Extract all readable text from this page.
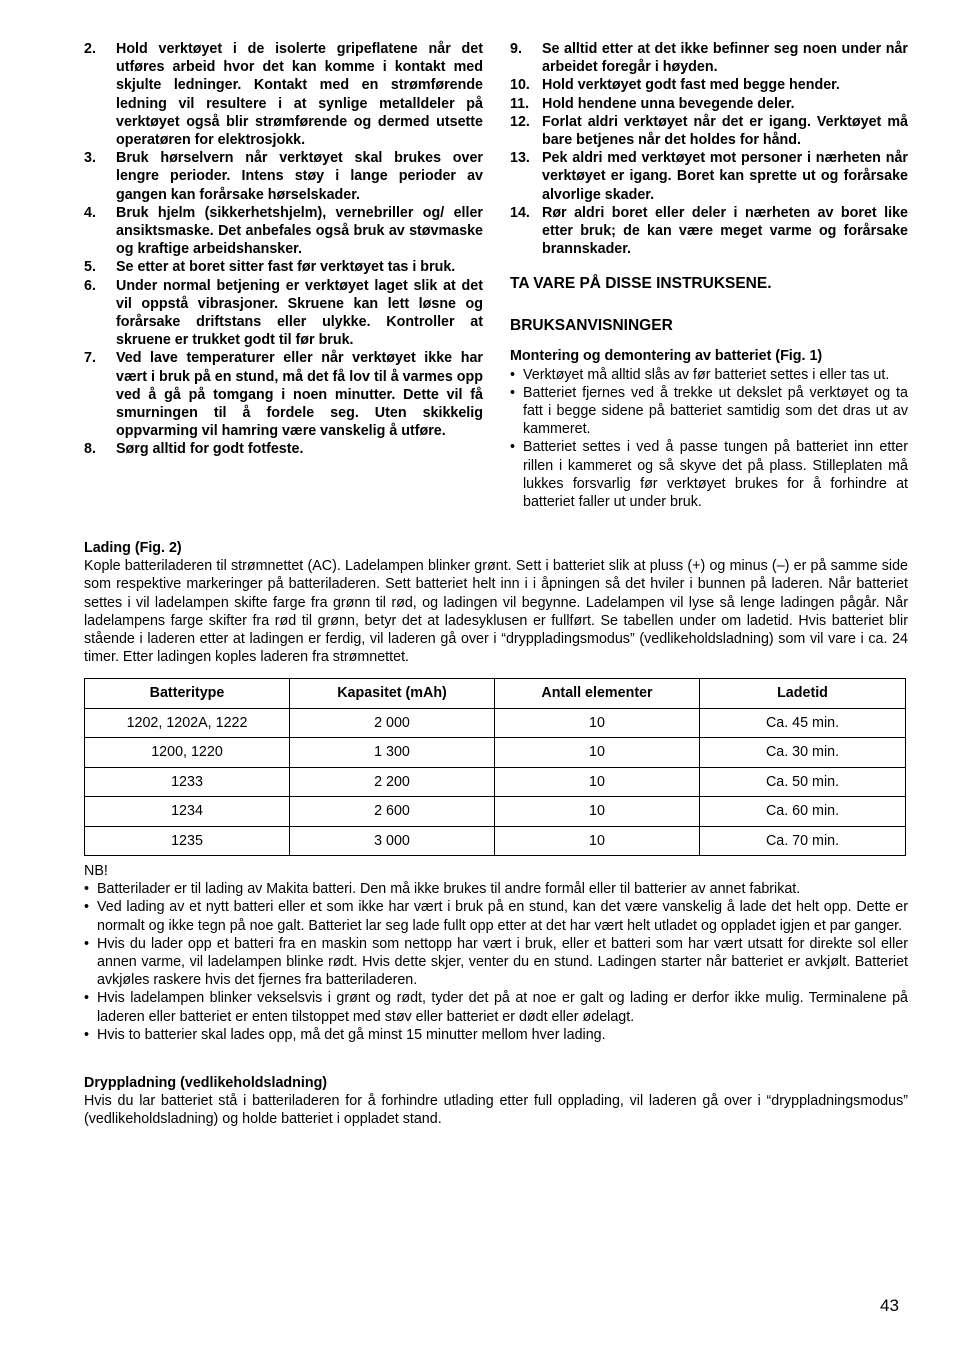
2.	Hold verktøyet i de isolerte gripeflatene når det utføres arbeid hvor det kan komme i kontakt med skjulte ledninger. Kontakt med en strømførende ledning vil resultere i at synlige metalldeler på verktøyet også blir strømførende og dermed utsette operatøren for elektrosjokk.
3.	Bruk hørselvern når verktøyet skal brukes over lengre perioder. Intens støy i lange perioder av gangen kan forårsake hørselskader.
4.	Bruk hjelm (sikkerhetshjelm), vernebriller og/ eller ansiktsmaske. Det anbefales også bruk av støvmaske og kraftige arbeidshansker.
5.	Se etter at boret sitter fast før verktøyet tas i bruk.
6.	Under normal betjening er verktøyet laget slik at det vil oppstå vibrasjoner. Skruene kan lett løsne og forårsake driftstans eller ulykke. Kontroller at skruene er trukket godt til før bruk.
7.	Ved lave temperaturer eller når verktøyet ikke har vært i bruk på en stund, må det få lov til å varmes opp ved å gå på tomgang i noen minutter. Dette vil få smurningen til å fordele seg. Uten skikkelig oppvarming vil hamring være vanskelig å utføre.
8.	Sørg alltid for godt fotfeste.
9.	Se alltid etter at det ikke befinner seg noen under når arbeidet foregår i høyden.
10. Hold verktøyet godt fast med begge hender.
11. Hold hendene unna bevegende deler.
12. Forlat aldri verktøyet når det er igang. Verktøyet må bare betjenes når det holdes for hånd.
13. Pek aldri med verktøyet mot personer i nærheten når verktøyet er igang. Boret kan sprette ut og forårsake alvorlige skader.
14. Rør aldri boret eller deler i nærheten av boret like etter bruk; de kan være meget varme og forårsake brannskader.
TA VARE PÅ DISSE INSTRUKSENE.
BRUKSANVISNINGER
Montering og demontering av batteriet (Fig. 1)
• Verktøyet må alltid slås av før batteriet settes i eller tas ut.
• Batteriet fjernes ved å trekke ut dekslet på verktøyet og ta fatt i begge sidene på batteriet samtidig som det dras ut av kammeret.
• Batteriet settes i ved å passe tungen på batteriet inn etter rillen i kammeret og så skyve det på plass. Stilleplaten må lukkes forsvarlig før verktøyet brukes for å forhindre at batteriet faller ut under bruk.
Lading (Fig. 2)

Kople batteriladeren til strømnettet (AC). Ladelampen blinker grønt. Sett i batteriet slik at pluss (+) og minus (–) er på samme side som respektive markeringer på batteriladeren. Sett batteriet helt inn i i åpningen så det hviler i bunnen på laderen. Når batteriet settes i vil ladelampen skifte farge fra grønn til rød, og ladingen vil begynne. Ladelampen vil lyse så lenge ladingen pågår. Når ladelampens farge skifter fra rød til grønn, betyr det at ladesyklusen er fullført. Se tabellen under om ladetid. Hvis batteriet blir stående i laderen etter at ladingen er ferdig, vil laderen gå over i “dryppladingsmodus” (vedlikeholdsladning) som vil vare i ca. 24 timer. Etter ladingen koples laderen fra strømnettet.

Batteritype	Kapasitet (mAh)	Antall elementer	Ladetid
1202, 1202A, 1222	2 000	10	Ca. 45 min.
1200, 1220	1 300	10	Ca. 30 min.
1233	2 200	10	Ca. 50 min.
1234	2 600	10	Ca. 60 min.
1235	3 000	10	Ca. 70 min.
NB!
• Batterilader er til lading av Makita batteri. Den må ikke brukes til andre formål eller til batterier av annet fabrikat.
• Ved lading av et nytt batteri eller et som ikke har vært i bruk på en stund, kan det være vanskelig å lade det helt opp. Dette er normalt og ikke tegn på noe galt. Batteriet lar seg lade fullt opp etter at det har vært helt utladet og oppladet igjen et par ganger.
• Hvis du lader opp et batteri fra en maskin som nettopp har vært i bruk, eller et batteri som har vært utsatt for direkte sol eller annen varme, vil ladelampen blinke rødt. Hvis dette skjer, venter du en stund. Ladingen starter når batteriet er avkjølt. Batteriet avkjøles raskere hvis det fjernes fra batteriladeren.
• Hvis ladelampen blinker vekselsvis i grønt og rødt, tyder det på at noe er galt og lading er derfor ikke mulig. Terminalene på laderen eller batteriet er enten tilstoppet med støv eller batteriet er dødt eller ødelagt.
• Hvis to batterier skal lades opp, må det gå minst 15 minutter mellom hver lading.
Dryppladning (vedlikeholdsladning)

Hvis du lar batteriet stå i batteriladeren for å forhindre utlading etter full opplading, vil laderen gå over i “dryppladningsmodus” (vedlikeholdsladning) og holde batteriet i oppladet stand.

43
